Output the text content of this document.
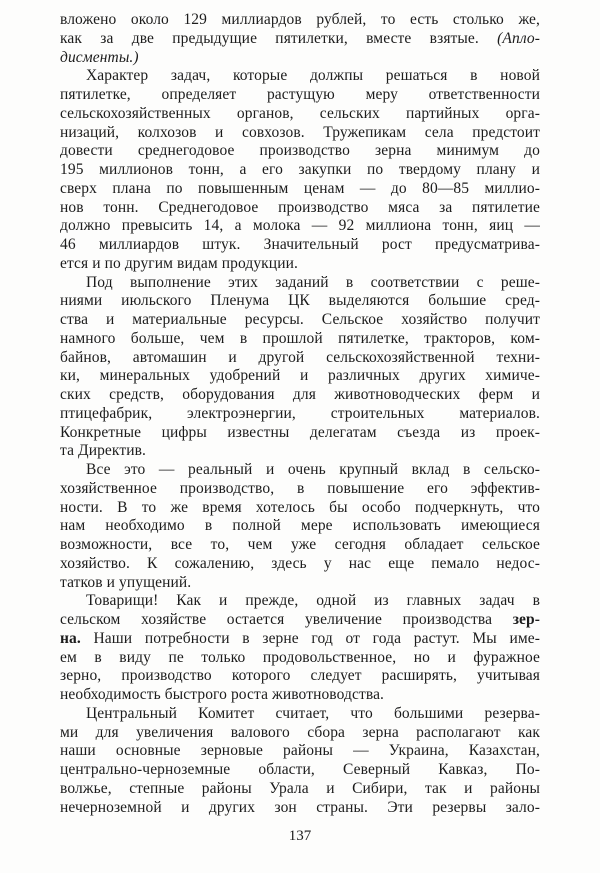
вложено около 129 миллиардов рублей, то есть столько же,
как за две предыдущие пятилетки, вместе взятые. (Апло-
дисменты.)
Характер задач, которые должпы решаться в новой
пятилетке, определяет растущую меру ответственности
сельскохозяйственных органов, сельских партийных орга-
низаций, колхозов и совхозов. Тружепикам села предстоит
довести среднегодовое производство зерна минимум до
195 миллионов тонн, а его закупки по твердому плану и
сверх плана по повышенным ценам — до 80—85 миллио-
нов тонн. Среднегодовое производство мяса за пятилетие
должно превысить 14, а молока — 92 миллиона тонн, яиц —
46 миллиардов штук. Значительный рост предусматрива-
ется и по другим видам продукции.
Под выполнение этих заданий в соответствии с реше-
ниями июльского Пленума ЦК выделяются большие сред-
ства и материальные ресурсы. Сельское хозяйство получит
намного больше, чем в прошлой пятилетке, тракторов, ком-
байнов, автомашин и другой сельскохозяйственной техни-
ки, минеральных удобрений и различных других химиче-
ских средств, оборудования для животноводческих ферм и
птицефабрик, электроэнергии, строительных материалов.
Конкретные цифры известны делегатам съезда из проек-
та Директив.
Все это — реальный и очень крупный вклад в сельско-
хозяйственное производство, в повышение его эффектив-
ности. В то же время хотелось бы особо подчеркнуть, что
нам необходимо в полной мере использовать имеющиеся
возможности, все то, чем уже сегодня обладает сельское
хозяйство. К сожалению, здесь у нас еще пемало недос-
татков и упущений.
Товарищи! Как и прежде, одной из главных задач в
сельском хозяйстве остается увеличение производства зер-
на. Наши потребности в зерне год от года растут. Мы име-
ем в виду пе только продовольственное, но и фуражное
зерно, производство которого следует расширять, учитывая
необходимость быстрого роста животноводства.
Центральный Комитет считает, что большими резерва-
ми для увеличения валового сбора зерна располагают как
наши основные зерновые районы — Украина, Казахстан,
центрально-черноземные области, Северный Кавказ, По-
волжье, степные районы Урала и Сибири, так и районы
нечерноземной и других зон страны. Эти резервы зало-
137
